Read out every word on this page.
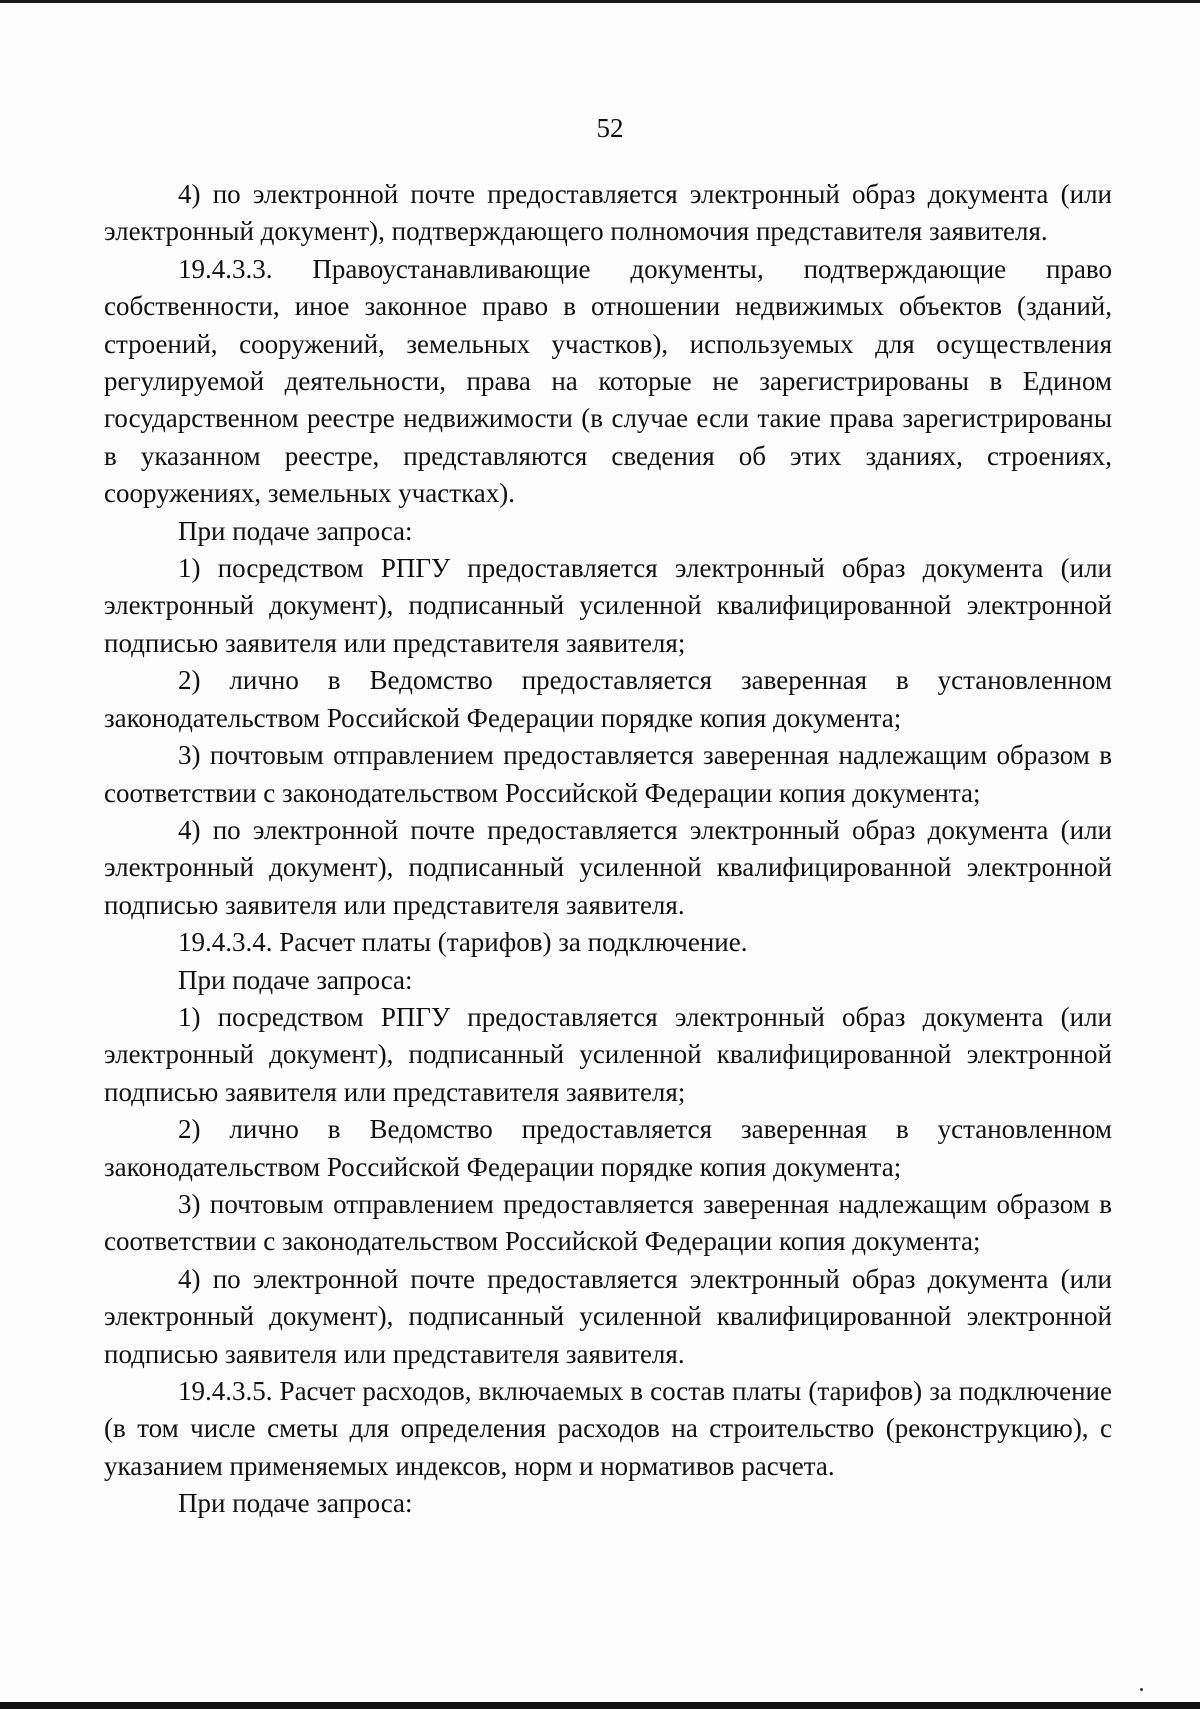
52

4) по электронной почте предоставляется электронный образ документа (или электронный документ), подтверждающего полномочия представителя заявителя.

19.4.3.3. Правоустанавливающие документы, подтверждающие право собственности, иное законное право в отношении недвижимых объектов (зданий, строений, сооружений, земельных участков), используемых для осуществления регулируемой деятельности, права на которые не зарегистрированы в Едином государственном реестре недвижимости (в случае если такие права зарегистрированы в указанном реестре, представляются сведения об этих зданиях, строениях, сооружениях, земельных участках).

При подаче запроса:

1) посредством РПГУ предоставляется электронный образ документа (или электронный документ), подписанный усиленной квалифицированной электронной подписью заявителя или представителя заявителя;

2) лично в Ведомство предоставляется заверенная в установленном законодательством Российской Федерации порядке копия документа;

3) почтовым отправлением предоставляется заверенная надлежащим образом в соответствии с законодательством Российской Федерации копия документа;

4) по электронной почте предоставляется электронный образ документа (или электронный документ), подписанный усиленной квалифицированной электронной подписью заявителя или представителя заявителя.

19.4.3.4. Расчет платы (тарифов) за подключение.

При подаче запроса:

1) посредством РПГУ предоставляется электронный образ документа (или электронный документ), подписанный усиленной квалифицированной электронной подписью заявителя или представителя заявителя;

2) лично в Ведомство предоставляется заверенная в установленном законодательством Российской Федерации порядке копия документа;

3) почтовым отправлением предоставляется заверенная надлежащим образом в соответствии с законодательством Российской Федерации копия документа;

4) по электронной почте предоставляется электронный образ документа (или электронный документ), подписанный усиленной квалифицированной электронной подписью заявителя или представителя заявителя.

19.4.3.5. Расчет расходов, включаемых в состав платы (тарифов) за подключение (в том числе сметы для определения расходов на строительство (реконструкцию), с указанием применяемых индексов, норм и нормативов расчета.

При подаче запроса:
